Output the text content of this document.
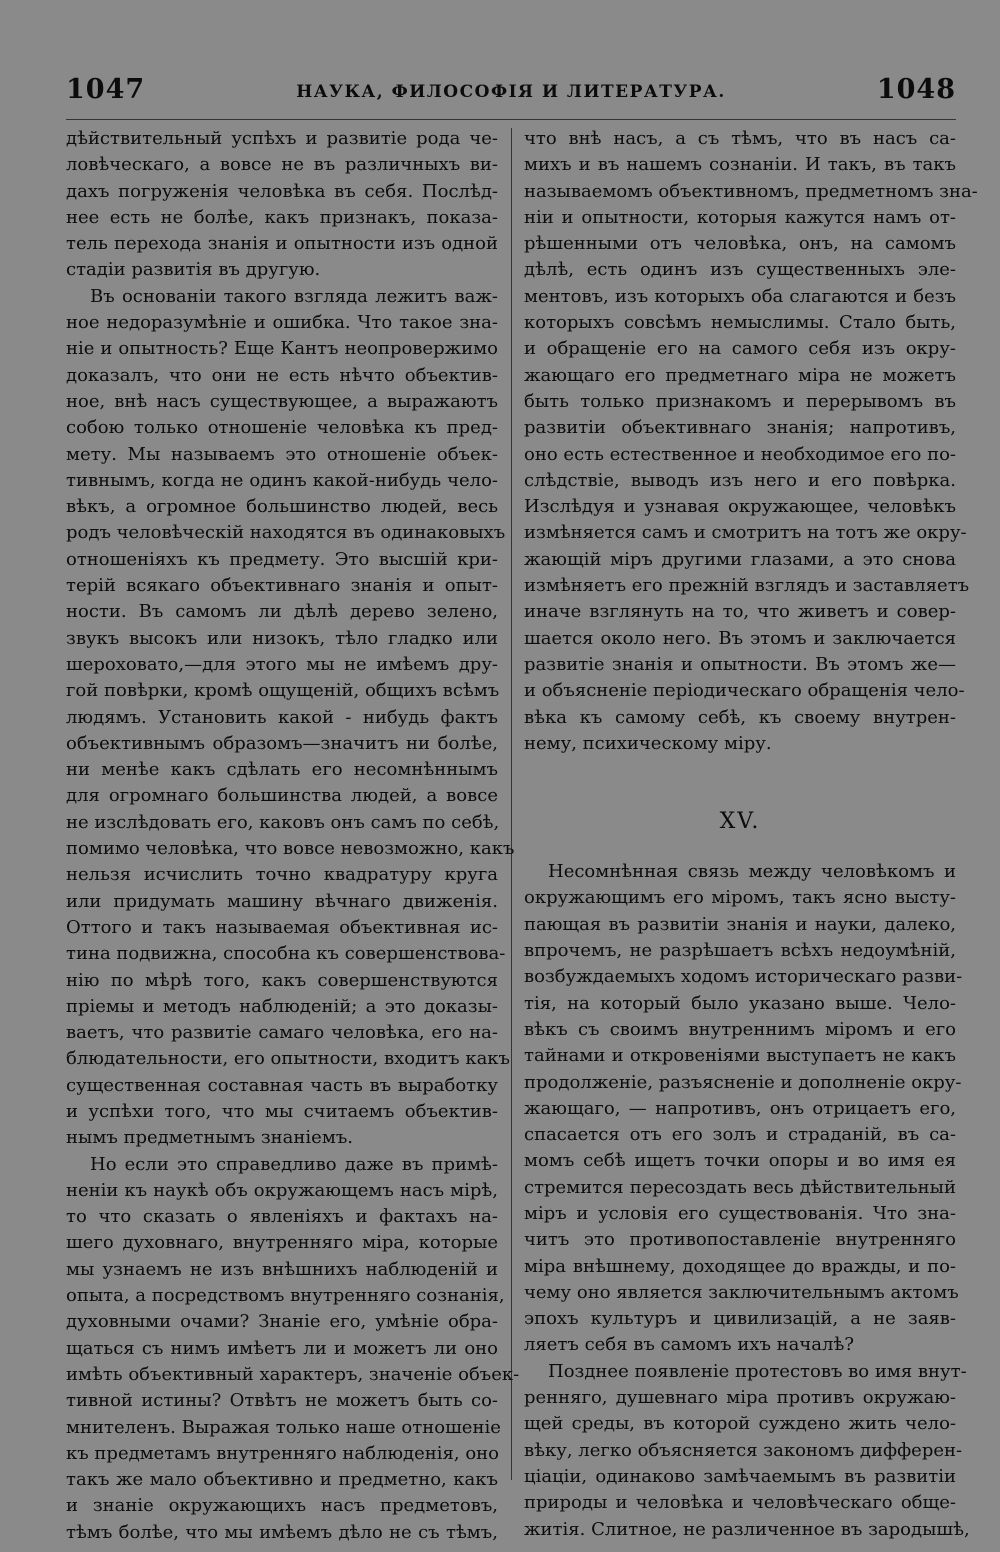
1047	НАУКА, ФИЛОСОФІЯ И ЛИТЕРАТУРА.	1048
дѣйствительный успѣхъ и развитіе рода че-
ловѣческаго, а вовсе не въ различныхъ ви-
дахъ погруженія человѣка въ себя. Послѣд-
нее есть не болѣе, какъ признакъ, показа-
тель перехода знанія и опытности изъ одной
стадіи развитія въ другую.
Въ основаніи такого взгляда лежитъ важ-
ное недоразумѣніе и ошибка. Что такое зна-
ніе и опытность? Еще Кантъ неопровержимо
доказалъ, что они не есть нѣчто объектив-
ное, внѣ насъ существующее, а выражаютъ
собою только отношеніе человѣка къ пред-
мету. Мы называемъ это отношеніе объек-
тивнымъ, когда не одинъ какой-нибудь чело-
вѣкъ, а огромное большинство людей, весь
родъ человѣческій находятся въ одинаковыхъ
отношеніяхъ къ предмету. Это высшій кри-
терій всякаго объективнаго знанія и опыт-
ности. Въ самомъ ли дѣлѣ дерево зелено,
звукъ высокъ или низокъ, тѣло гладко или
шероховато,—для этого мы не имѣемъ дру-
гой повѣрки, кромѣ ощущеній, общихъ всѣмъ
людямъ. Установить какой - нибудь фактъ
объективнымъ образомъ—значитъ ни болѣе,
ни менѣе какъ сдѣлать его несомнѣннымъ
для огромнаго большинства людей, а вовсе
не изслѣдовать его, каковъ онъ самъ по себѣ,
помимо человѣка, что вовсе невозможно, какъ
нельзя исчислить точно квадратуру круга
или придумать машину вѣчнаго движенія.
Оттого и такъ называемая объективная ис-
тина подвижна, способна къ совершенствова-
нію по мѣрѣ того, какъ совершенствуются
пріемы и методъ наблюденій; а это доказы-
ваетъ, что развитіе самаго человѣка, его на-
блюдательности, его опытности, входитъ какъ
существенная составная часть въ выработку
и успѣхи того, что мы считаемъ объектив-
нымъ предметнымъ знаніемъ.
Но если это справедливо даже въ примѣ-
неніи къ наукѣ объ окружающемъ насъ мірѣ,
то что сказать о явленіяхъ и фактахъ на-
шего духовнаго, внутренняго міра, которые
мы узнаемъ не изъ внѣшнихъ наблюденій и
опыта, а посредствомъ внутренняго сознанія,
духовными очами? Знаніе его, умѣніе обра-
щаться съ нимъ имѣетъ ли и можетъ ли оно
имѣть объективный характеръ, значеніе объек-
тивной истины? Отвѣтъ не можетъ быть со-
мнителенъ. Выражая только наше отношеніе
къ предметамъ внутренняго наблюденія, оно
такъ же мало объективно и предметно, какъ
и знаніе окружающихъ насъ предметовъ,
тѣмъ болѣе, что мы имѣемъ дѣло не съ тѣмъ,
что внѣ насъ, а съ тѣмъ, что въ насъ са-
михъ и въ нашемъ сознаніи. И такъ, въ такъ
называемомъ объективномъ, предметномъ зна-
ніи и опытности, которыя кажутся намъ от-
рѣшенными отъ человѣка, онъ, на самомъ
дѣлѣ, есть одинъ изъ существенныхъ эле-
ментовъ, изъ которыхъ оба слагаются и безъ
которыхъ совсѣмъ немыслимы. Стало быть,
и обращеніе его на самого себя изъ окру-
жающаго его предметнаго міра не можетъ
быть только признакомъ и перерывомъ въ
развитіи объективнаго знанія; напротивъ,
оно есть естественное и необходимое его по-
слѣдствіе, выводъ изъ него и его повѣрка.
Изслѣдуя и узнавая окружающее, человѣкъ
измѣняется самъ и смотритъ на тотъ же окру-
жающій міръ другими глазами, а это снова
измѣняетъ его прежній взглядъ и заставляетъ
иначе взглянуть на то, что живетъ и совер-
шается около него. Въ этомъ и заключается
развитіе знанія и опытности. Въ этомъ же—
и объясненіе періодическаго обращенія чело-
вѣка къ самому себѣ, къ своему внутрен-
нему, психическому міру.
XV.
Несомнѣнная связь между человѣкомъ и
окружающимъ его міромъ, такъ ясно высту-
пающая въ развитіи знанія и науки, далеко,
впрочемъ, не разрѣшаетъ всѣхъ недоумѣній,
возбуждаемыхъ ходомъ историческаго разви-
тія, на который было указано выше. Чело-
вѣкъ съ своимъ внутреннимъ міромъ и его
тайнами и откровеніями выступаетъ не какъ
продолженіе, разъясненіе и дополненіе окру-
жающаго, — напротивъ, онъ отрицаетъ его,
спасается отъ его золъ и страданій, въ са-
момъ себѣ ищетъ точки опоры и во имя ея
стремится пересоздать весь дѣйствительный
міръ и условія его существованія. Что зна-
читъ это противопоставленіе внутренняго
міра внѣшнему, доходящее до вражды, и по-
чему оно является заключительнымъ актомъ
эпохъ культуръ и цивилизацій, а не заяв-
ляетъ себя въ самомъ ихъ началѣ?
Позднее появленіе протестовъ во имя внут-
ренняго, душевнаго міра противъ окружаю-
щей среды, въ которой суждено жить чело-
вѣку, легко объясняется закономъ дифферен-
ціаціи, одинаково замѣчаемымъ въ развитіи
природы и человѣка и человѣческаго обще-
житія. Слитное, не различенное въ зародышѣ,
